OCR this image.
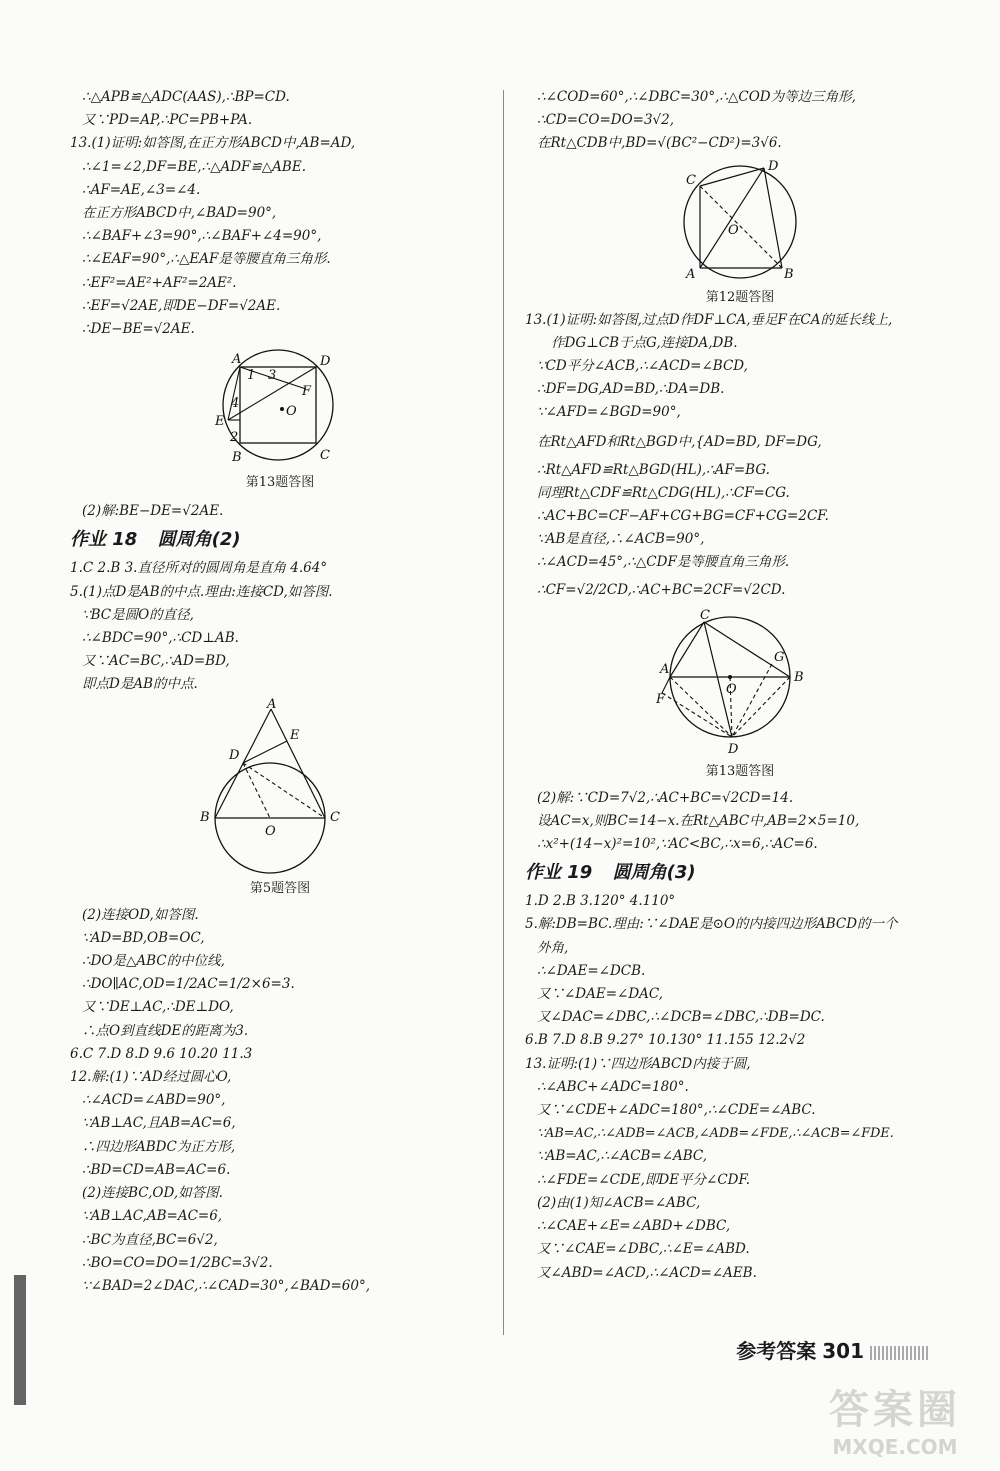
∴△APB≌△ADC(AAS),∴BP=CD.
又∵PD=AP,∴PC=PB+PA.
13.(1)证明:如答图,在正方形ABCD中,AB=AD,
∴∠1=∠2,DF=BE,∴△ADF≌△ABE.
∴AF=AE,∠3=∠4.
在正方形ABCD中,∠BAD=90°,
∴∠BAF+∠3=90°,∴∠BAF+∠4=90°,
∴∠EAF=90°,∴△EAF是等腰直角三角形.
∴EF²=AE²+AF²=2AE².
∴EF=√2AE,即DE−DF=√2AE.
∴DE−BE=√2AE.
A	D
E
B	C
O
F
1
2
3
4
第13题答图
(2)解:BE−DE=√2AE.
作业 18 圆周角(2)
1.C 2.B 3.直径所对的圆周角是直角 4.64°
5.(1)点D是AB的中点.理由:连接CD,如答图.
∵BC是圆O的直径,
∴∠BDC=90°,∴CD⊥AB.
又∵AC=BC,∴AD=BD,
即点D是AB的中点.
A
E
D
B
O
C
第5题答图
(2)连接OD,如答图.
∵AD=BD,OB=OC,
∴DO是△ABC的中位线,
∴DO∥AC,OD=1/2AC=1/2×6=3.
又∵DE⊥AC,∴DE⊥DO,
∴点O到直线DE的距离为3.
6.C 7.D 8.D 9.6 10.20 11.3
12.解:(1)∵AD经过圆心O,
∴∠ACD=∠ABD=90°,
∵AB⊥AC,且AB=AC=6,
∴四边形ABDC为正方形,
∴BD=CD=AB=AC=6.
(2)连接BC,OD,如答图.
∵AB⊥AC,AB=AC=6,
∴BC为直径,BC=6√2,
∴BO=CO=DO=1/2BC=3√2.
∵∠BAD=2∠DAC,∴∠CAD=30°,∠BAD=60°,
∴∠COD=60°,∴∠DBC=30°,∴△COD为等边三角形,
∴CD=CO=DO=3√2,
在Rt△CDB中,BD=√(BC²−CD²)=3√6.
C
D
O
A	B
第12题答图
13.(1)证明:如答图,过点D作DF⊥CA,垂足F在CA的延长线上,
作DG⊥CB于点G,连接DA,DB.
∵CD平分∠ACB,∴∠ACD=∠BCD,
∴DF=DG,AD=BD,∴DA=DB.
∵∠AFD=∠BGD=90°,
在Rt△AFD和Rt△BGD中,{AD=BD, DF=DG,
∴Rt△AFD≌Rt△BGD(HL),∴AF=BG.
同理Rt△CDF≌Rt△CDG(HL),∴CF=CG.
∴AC+BC=CF−AF+CG+BG=CF+CG=2CF.
∵AB是直径,∴∠ACB=90°,
∴∠ACD=45°,∴△CDF是等腰直角三角形.
∴CF=√2/2CD,∴AC+BC=2CF=√2CD.
C
G
A
B
O
F
D
第13题答图
(2)解:∵CD=7√2,∴AC+BC=√2CD=14.
设AC=x,则BC=14−x.在Rt△ABC中,AB=2×5=10,
∴x²+(14−x)²=10²,∵AC<BC,∴x=6,∴AC=6.
作业 19 圆周角(3)
1.D 2.B 3.120° 4.110°
5.解:DB=BC.理由:∵∠DAE是⊙O的内接四边形ABCD的一个
外角,
∴∠DAE=∠DCB.
又∵∠DAE=∠DAC,
又∠DAC=∠DBC,∴∠DCB=∠DBC,∴DB=DC.
6.B 7.D 8.B 9.27° 10.130° 11.155 12.2√2
13.证明:(1)∵四边形ABCD内接于圆,
∴∠ABC+∠ADC=180°.
又∵∠CDE+∠ADC=180°,∴∠CDE=∠ABC.
∵AB=AC,∴∠ADB=∠ACB,∠ADB=∠FDE,∴∠ACB=∠FDE.
∵AB=AC,∴∠ACB=∠ABC,
∴∠FDE=∠CDE,即DE平分∠CDF.
(2)由(1)知∠ACB=∠ABC,
∴∠CAE+∠E=∠ABD+∠DBC,
又∵∠CAE=∠DBC,∴∠E=∠ABD.
又∠ABD=∠ACD,∴∠ACD=∠AEB.
参考答案 301
答案圈
MXQE.COM
